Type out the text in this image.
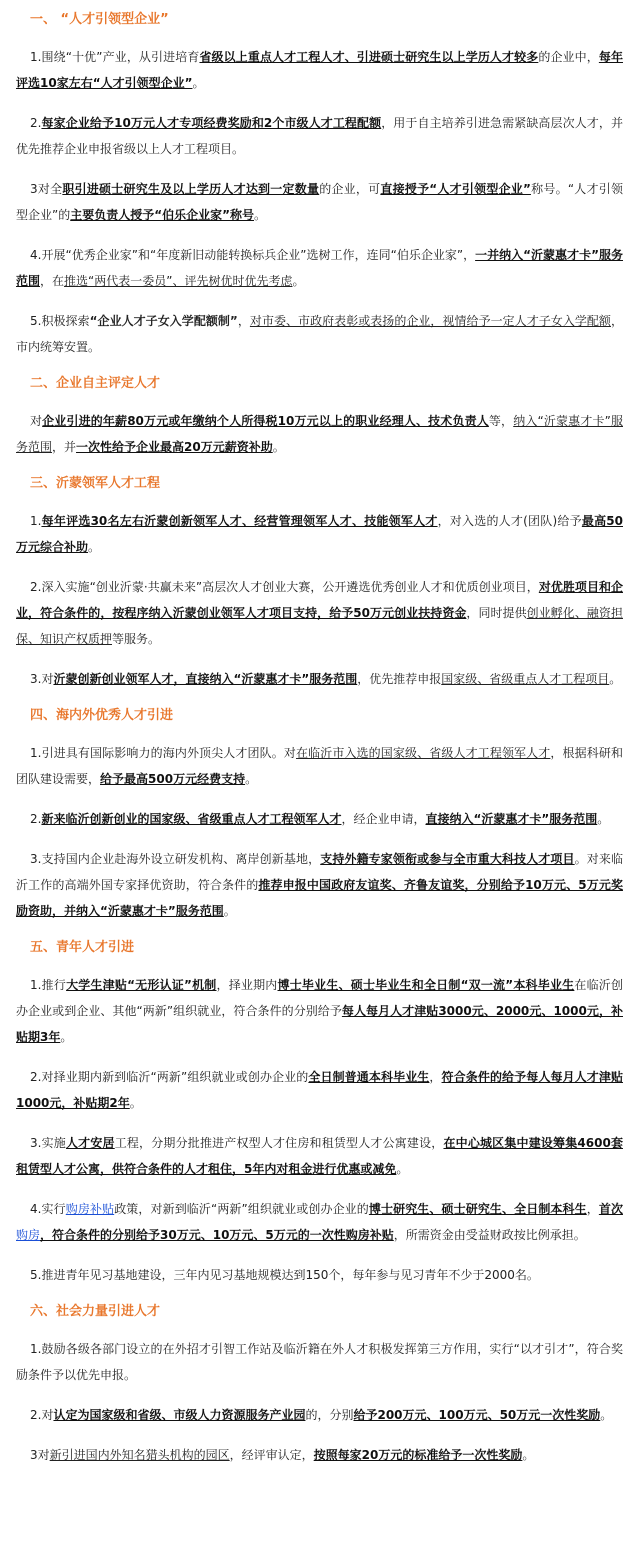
一、 “人才引领型企业”

1.围绕“十优”产业，从引进培育省级以上重点人才工程人才、引进硕士研究生以上学历人才较多的企业中，每年评选10家左右“人才引领型企业”。

2.每家企业给予10万元人才专项经费奖励和2个市级人才工程配额，用于自主培养引进急需紧缺高层次人才，并优先推荐企业申报省级以上人才工程项目。

3对全职引进硕士研究生及以上学历人才达到一定数量的企业，可直接授予“人才引领型企业”称号。“人才引领型企业”的主要负责人授予“伯乐企业家”称号。

4.开展“优秀企业家”和“年度新旧动能转换标兵企业”选树工作，连同“伯乐企业家”，一并纳入“沂蒙惠才卡”服务范围，在推选“两代表一委员”、评先树优时优先考虑。

5.积极探索“企业人才子女入学配额制”，对市委、市政府表彰或表扬的企业，视情给予一定人才子女入学配额，市内统筹安置。

二、企业自主评定人才

对企业引进的年薪80万元或年缴纳个人所得税10万元以上的职业经理人、技术负责人等，纳入“沂蒙惠才卡”服务范围，并一次性给予企业最高20万元薪资补助。

三、沂蒙领军人才工程

1.每年评选30名左右沂蒙创新领军人才、经营管理领军人才、技能领军人才，对入选的人才(团队)给予最高50万元综合补助。

2.深入实施“创业沂蒙·共赢未来”高层次人才创业大赛，公开遴选优秀创业人才和优质创业项目，对优胜项目和企业，符合条件的，按程序纳入沂蒙创业领军人才项目支持，给予50万元创业扶持资金，同时提供创业孵化、融资担保、知识产权质押等服务。

3.对沂蒙创新创业领军人才，直接纳入“沂蒙惠才卡”服务范围，优先推荐申报国家级、省级重点人才工程项目。

四、海内外优秀人才引进

1.引进具有国际影响力的海内外顶尖人才团队。对在临沂市入选的国家级、省级人才工程领军人才，根据科研和团队建设需要，给予最高500万元经费支持。

2.新来临沂创新创业的国家级、省级重点人才工程领军人才，经企业申请，直接纳入“沂蒙惠才卡”服务范围。

3.支持国内企业赴海外设立研发机构、离岸创新基地，支持外籍专家领衔或参与全市重大科技人才项目。对来临沂工作的高端外国专家择优资助，符合条件的推荐申报中国政府友谊奖、齐鲁友谊奖，分别给予10万元、5万元奖励资助，并纳入“沂蒙惠才卡”服务范围。

五、青年人才引进

1.推行大学生津贴“无形认证”机制，择业期内博士毕业生、硕士毕业生和全日制“双一流”本科毕业生在临沂创办企业或到企业、其他“两新”组织就业，符合条件的分别给予每人每月人才津贴3000元、2000元、1000元，补贴期3年。

2.对择业期内新到临沂“两新”组织就业或创办企业的全日制普通本科毕业生，符合条件的给予每人每月人才津贴1000元，补贴期2年。

3.实施人才安居工程，分期分批推进产权型人才住房和租赁型人才公寓建设，在中心城区集中建设筹集4600套租赁型人才公寓，供符合条件的人才租住，5年内对租金进行优惠或减免。

4.实行购房补贴政策，对新到临沂“两新”组织就业或创办企业的博士研究生、硕士研究生、全日制本科生，首次购房，符合条件的分别给予30万元、10万元、5万元的一次性购房补贴，所需资金由受益财政按比例承担。

5.推进青年见习基地建设，三年内见习基地规模达到150个，每年参与见习青年不少于2000名。

六、社会力量引进人才

1.鼓励各级各部门设立的在外招才引智工作站及临沂籍在外人才积极发挥第三方作用，实行“以才引才”，符合奖励条件予以优先申报。

2.对认定为国家级和省级、市级人力资源服务产业园的，分别给予200万元、100万元、50万元一次性奖励。

3对新引进国内外知名猎头机构的园区，经评审认定，按照每家20万元的标准给予一次性奖励。
